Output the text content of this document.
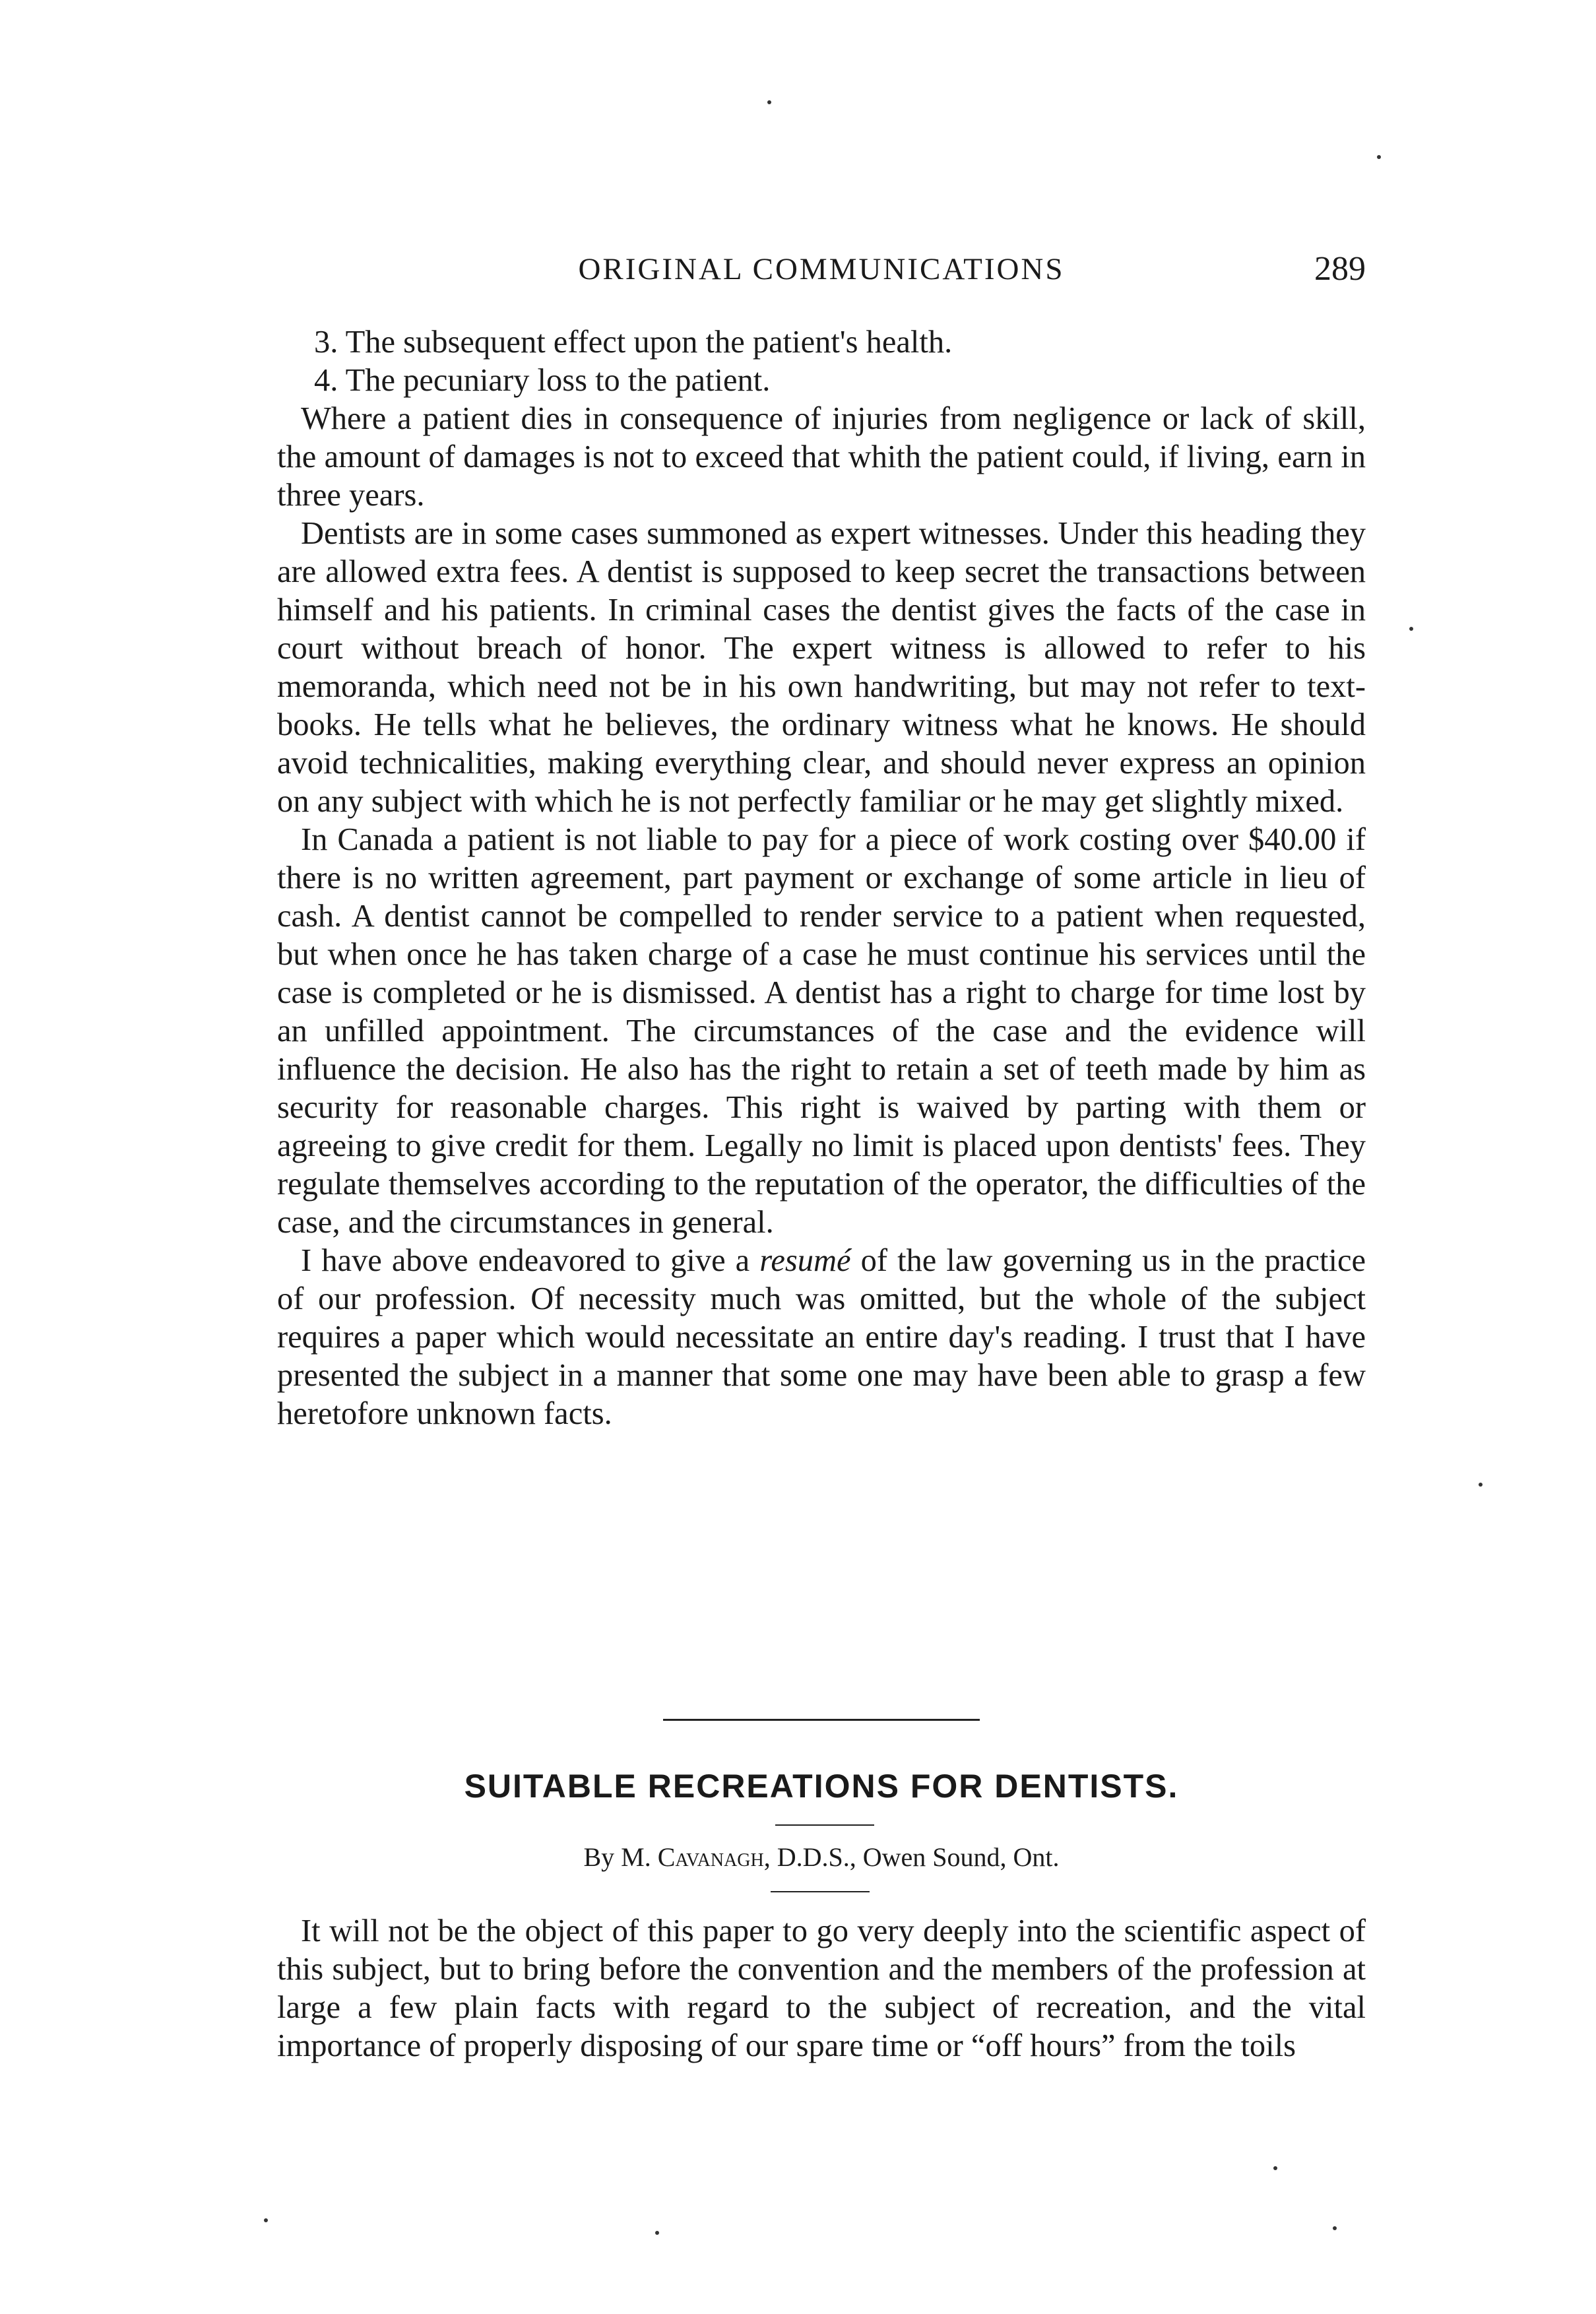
ORIGINAL COMMUNICATIONS	289

3. The subsequent effect upon the patient's health.

4. The pecuniary loss to the patient.

Where a patient dies in consequence of injuries from negligence or lack of skill, the amount of damages is not to exceed that whith the patient could, if living, earn in three years.

Dentists are in some cases summoned as expert witnesses. Under this heading they are allowed extra fees. A dentist is supposed to keep secret the transactions between himself and his patients. In criminal cases the dentist gives the facts of the case in court without breach of honor. The expert witness is allowed to refer to his memoranda, which need not be in his own handwriting, but may not refer to text-books. He tells what he believes, the ordinary witness what he knows. He should avoid technicalities, making everything clear, and should never express an opinion on any subject with which he is not perfectly familiar or he may get slightly mixed.

In Canada a patient is not liable to pay for a piece of work costing over $40.00 if there is no written agreement, part payment or exchange of some article in lieu of cash. A dentist cannot be compelled to render service to a patient when requested, but when once he has taken charge of a case he must continue his services until the case is completed or he is dismissed. A dentist has a right to charge for time lost by an unfilled appointment. The circumstances of the case and the evidence will influence the decision. He also has the right to retain a set of teeth made by him as security for reasonable charges. This right is waived by parting with them or agreeing to give credit for them. Legally no limit is placed upon dentists' fees. They regulate themselves according to the reputation of the operator, the difficulties of the case, and the circumstances in general.

I have above endeavored to give a resumé of the law governing us in the practice of our profession. Of necessity much was omitted, but the whole of the subject requires a paper which would necessitate an entire day's reading. I trust that I have presented the subject in a manner that some one may have been able to grasp a few heretofore unknown facts.

SUITABLE RECREATIONS FOR DENTISTS.
By M. Cavanagh, D.D.S., Owen Sound, Ont.

It will not be the object of this paper to go very deeply into the scientific aspect of this subject, but to bring before the convention and the members of the profession at large a few plain facts with regard to the subject of recreation, and the vital importance of properly disposing of our spare time or “off hours” from the toils
